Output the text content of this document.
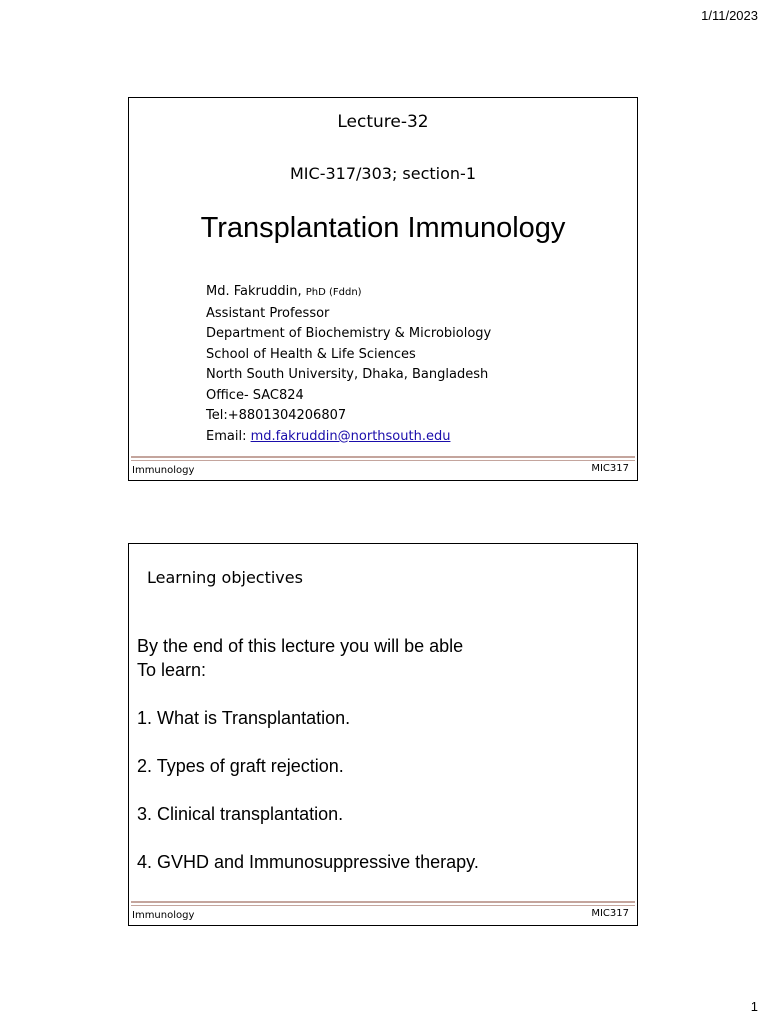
1/11/2023
Lecture-32
MIC-317/303; section-1
Transplantation Immunology
Md. Fakruddin, PhD (Fddn)
Assistant Professor
Department of Biochemistry & Microbiology
School of Health & Life Sciences
North South University, Dhaka, Bangladesh
Office- SAC824
Tel:+8801304206807
Email: md.fakruddin@northsouth.edu
Immunology	MIC317
Learning objectives
By the end of this lecture you will be able
To learn:
1. What is Transplantation.
2. Types of graft rejection.
3. Clinical transplantation.
4. GVHD and Immunosuppressive therapy.
Immunology	MIC317
1
